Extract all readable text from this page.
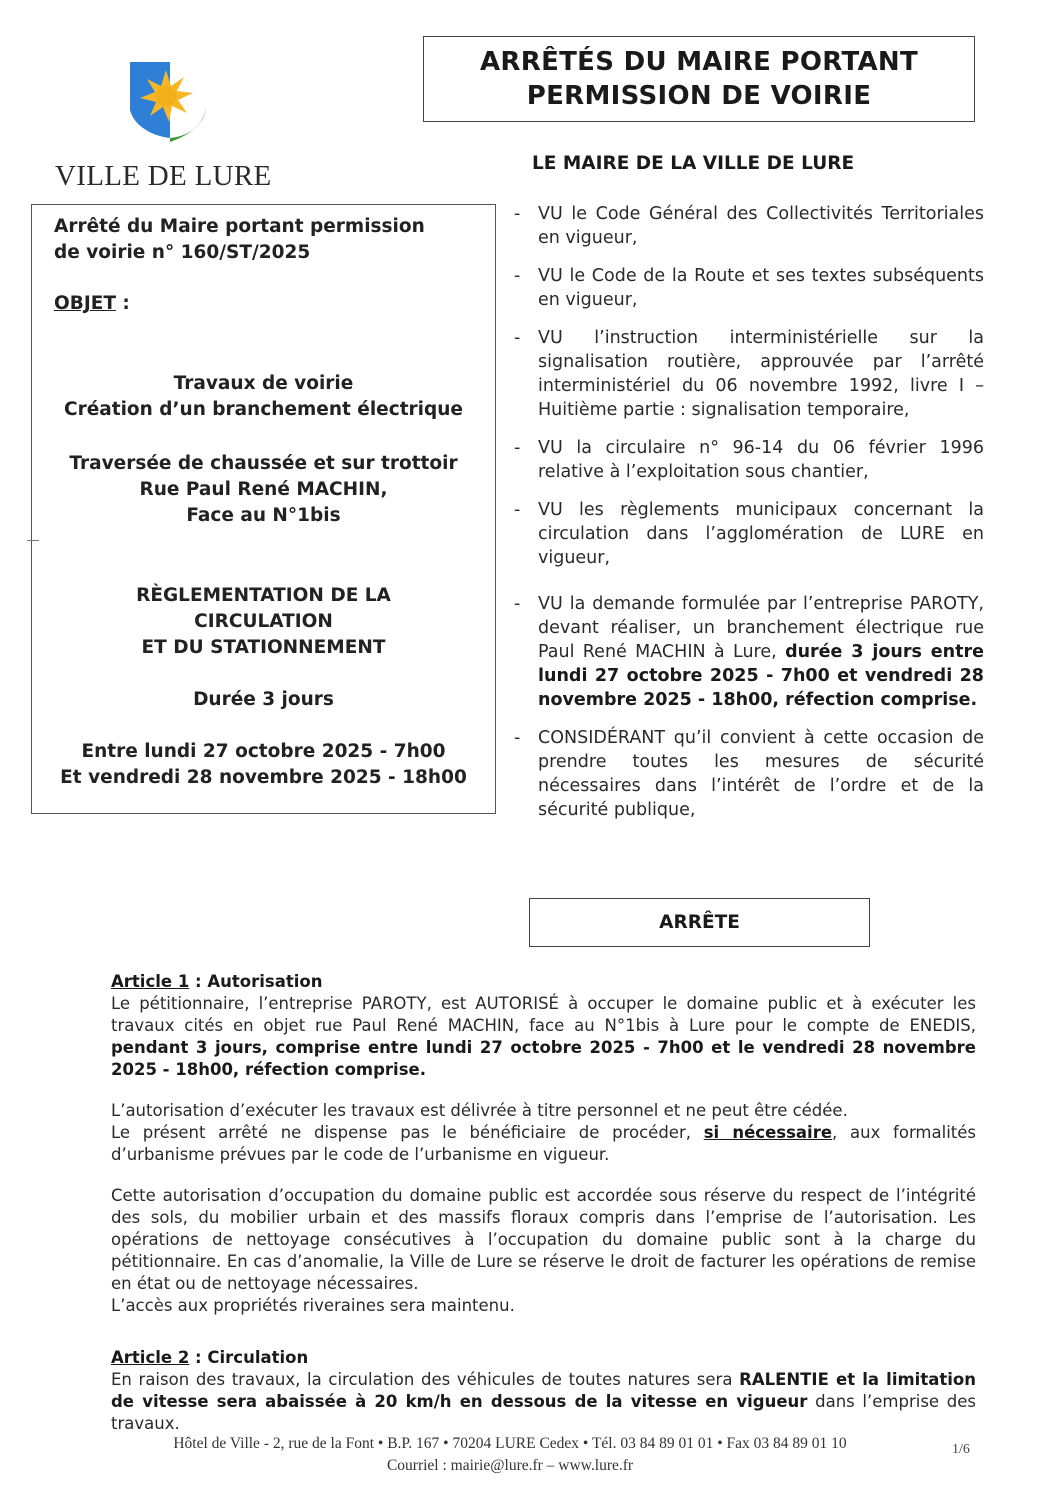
VILLE DE LURE
ARRÊTÉS DU MAIRE PORTANT
PERMISSION DE VOIRIE
LE MAIRE DE LA VILLE DE LURE
Arrêté du Maire portant permission
de voirie n° 160/ST/2025
OBJET :
Travaux de voirie
Création d’un branchement électrique
Traversée de chaussée et sur trottoir
Rue Paul René MACHIN,
Face au N°1bis
RÈGLEMENTATION DE LA
CIRCULATION
ET DU STATIONNEMENT
Durée 3 jours
Entre lundi 27 octobre 2025 - 7h00
Et vendredi 28 novembre 2025 - 18h00
- VU le Code Général des Collectivités Territoriales en vigueur,
- VU le Code de la Route et ses textes subséquents en vigueur,
- VU l’instruction interministérielle sur la signalisation routière, approuvée par l’arrêté interministériel du 06 novembre 1992, livre I – Huitième partie : signalisation temporaire,
- VU la circulaire n° 96-14 du 06 février 1996 relative à l’exploitation sous chantier,
- VU les règlements municipaux concernant la circulation dans l’agglomération de LURE en vigueur,
- VU la demande formulée par l’entreprise PAROTY, devant réaliser, un branchement électrique rue Paul René MACHIN à Lure, durée 3 jours entre lundi 27 octobre 2025 - 7h00 et vendredi 28 novembre 2025 - 18h00, réfection comprise.
- CONSIDÉRANT qu’il convient à cette occasion de prendre toutes les mesures de sécurité nécessaires dans l’intérêt de l’ordre et de la sécurité publique,
ARRÊTE
Article 1 : Autorisation

Le pétitionnaire, l’entreprise PAROTY, est AUTORISÉ à occuper le domaine public et à exécuter les travaux cités en objet rue Paul René MACHIN, face au N°1bis à Lure pour le compte de ENEDIS, pendant 3 jours, comprise entre lundi 27 octobre 2025 - 7h00 et le vendredi 28 novembre 2025 - 18h00, réfection comprise.

L’autorisation d’exécuter les travaux est délivrée à titre personnel et ne peut être cédée.
Le présent arrêté ne dispense pas le bénéficiaire de procéder, si nécessaire, aux formalités d’urbanisme prévues par le code de l’urbanisme en vigueur.

Cette autorisation d’occupation du domaine public est accordée sous réserve du respect de l’intégrité des sols, du mobilier urbain et des massifs floraux compris dans l’emprise de l’autorisation. Les opérations de nettoyage consécutives à l’occupation du domaine public sont à la charge du pétitionnaire. En cas d’anomalie, la Ville de Lure se réserve le droit de facturer les opérations de remise en état ou de nettoyage nécessaires.
L’accès aux propriétés riveraines sera maintenu.

Article 2 : Circulation

En raison des travaux, la circulation des véhicules de toutes natures sera RALENTIE et la limitation de vitesse sera abaissée à 20 km/h en dessous de la vitesse en vigueur dans l’emprise des travaux.

Hôtel de Ville - 2, rue de la Font • B.P. 167 • 70204 LURE Cedex • Tél. 03 84 89 01 01 • Fax 03 84 89 01 10
Courriel : mairie@lure.fr – www.lure.fr
1/6
